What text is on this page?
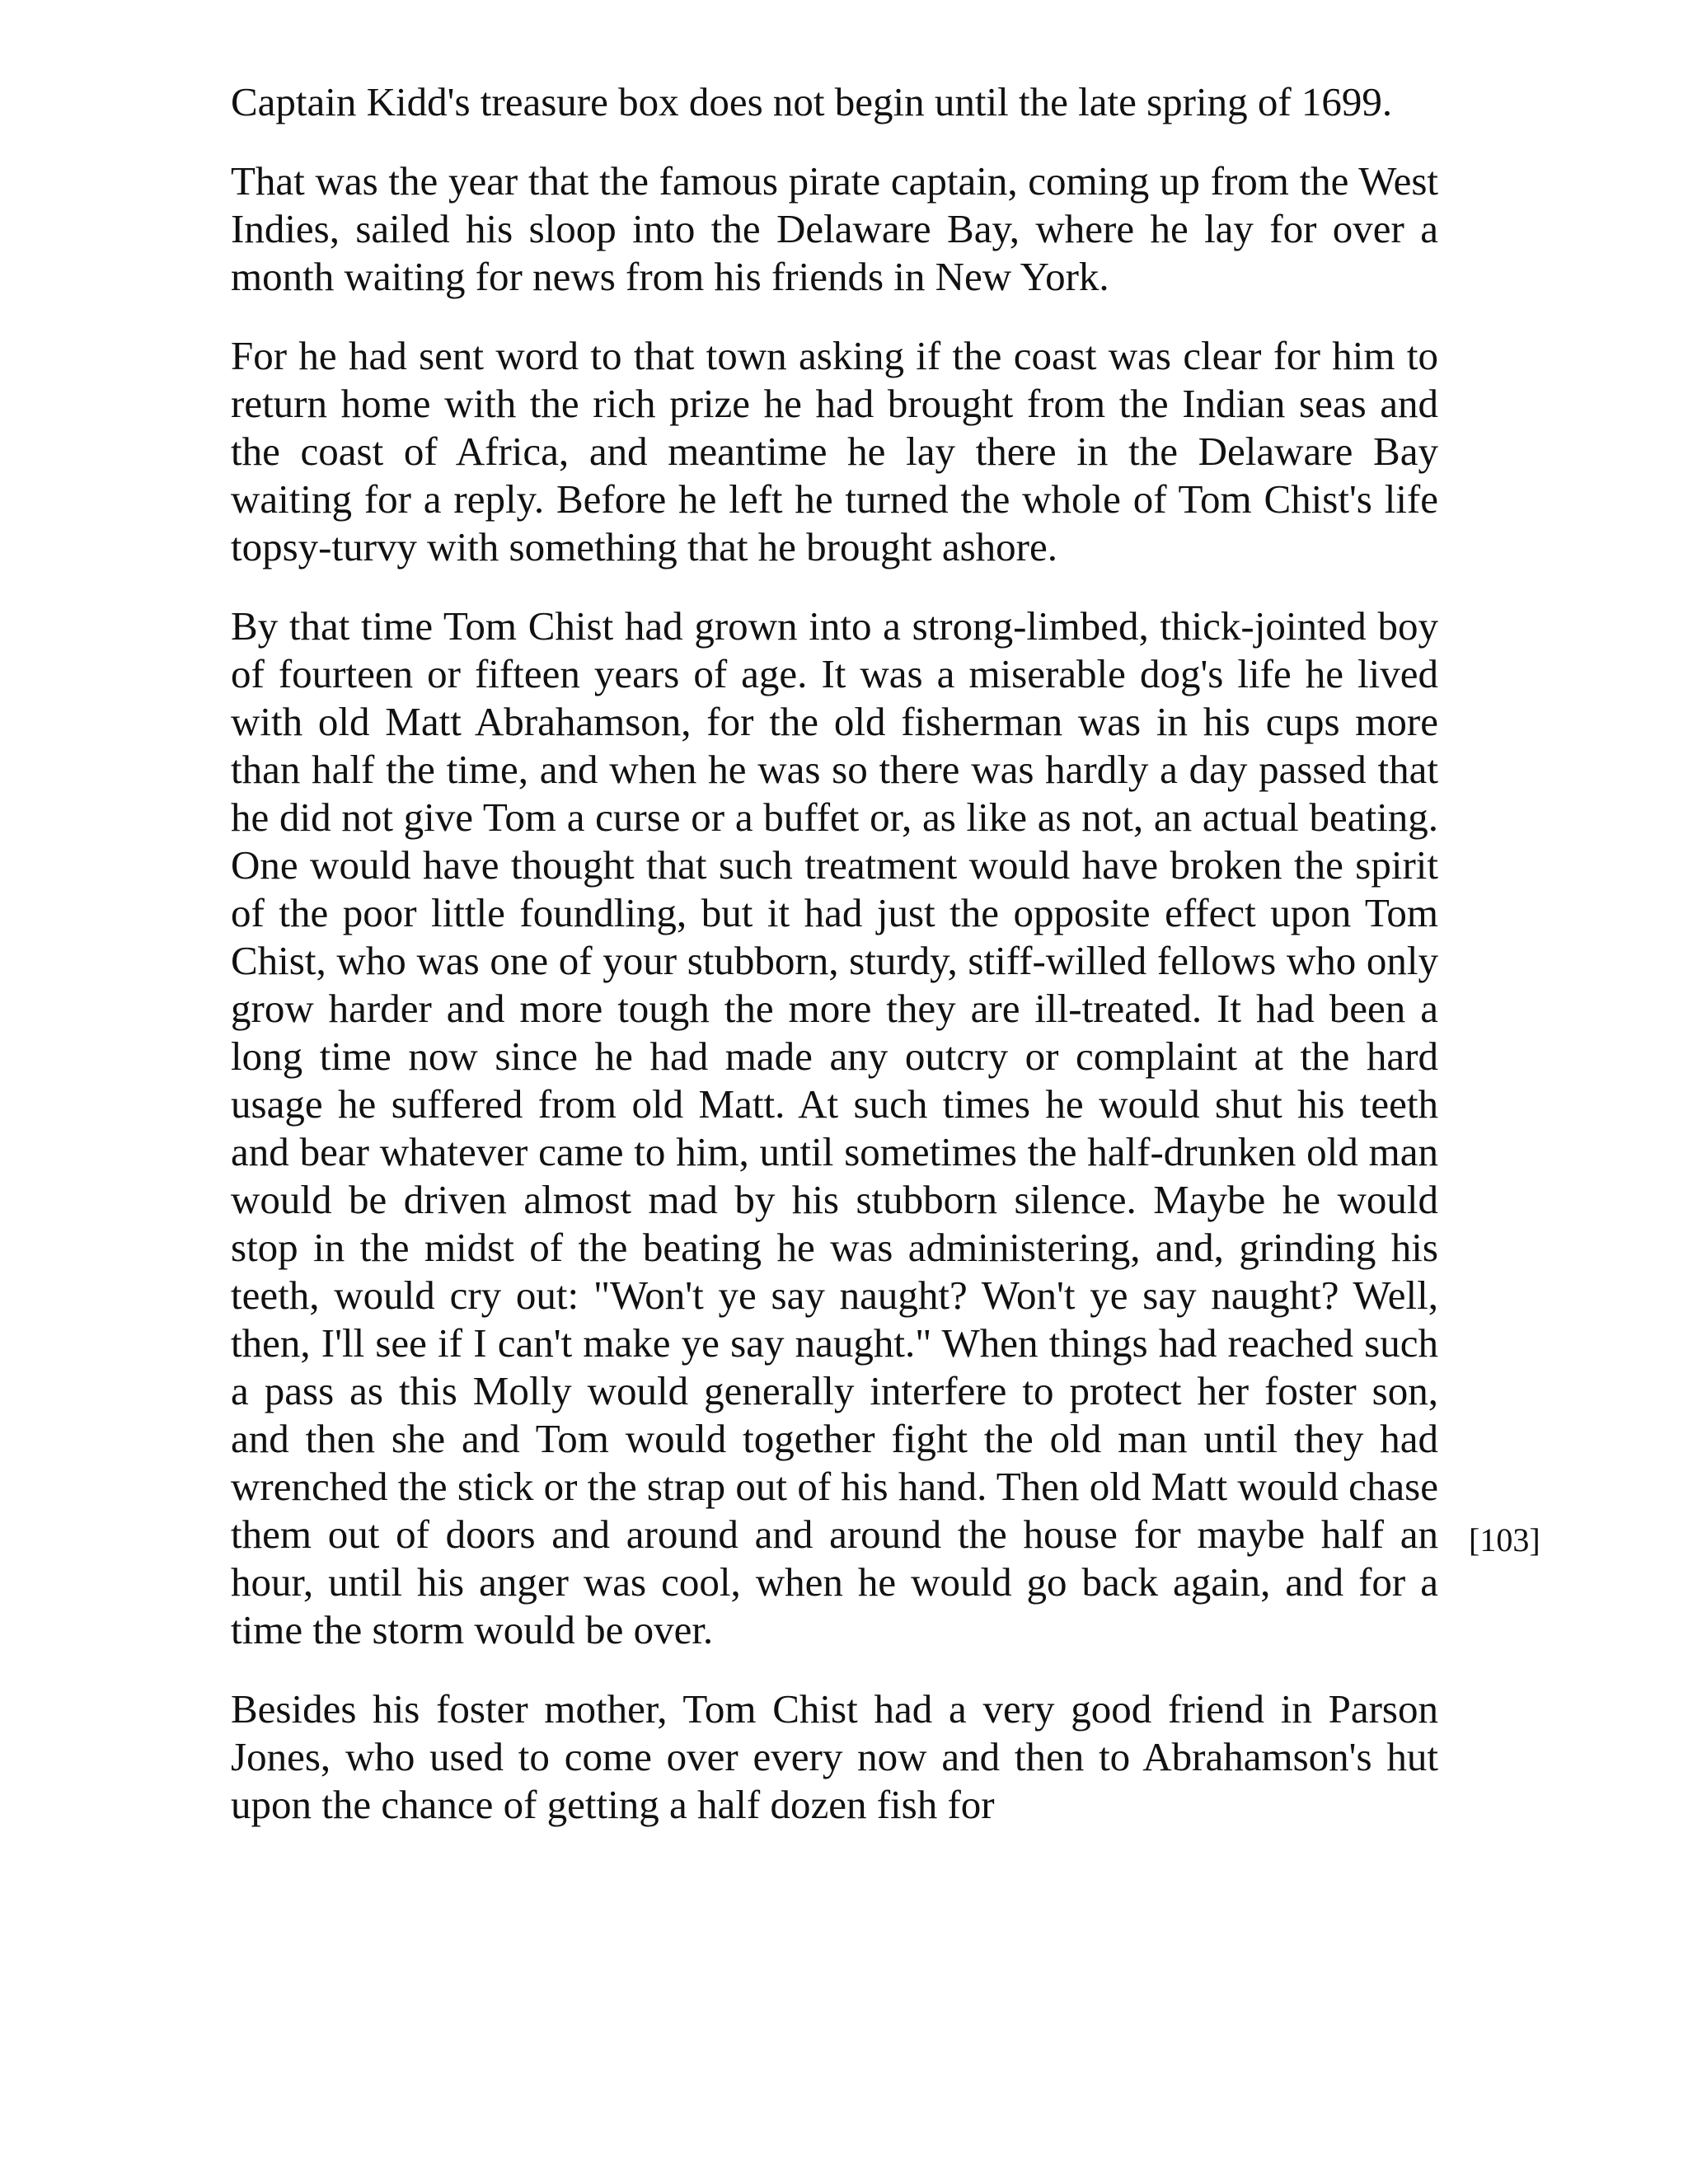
Captain Kidd's treasure box does not begin until the late spring of 1699.

That was the year that the famous pirate captain, coming up from the West Indies, sailed his sloop into the Delaware Bay, where he lay for over a month waiting for news from his friends in New York.

For he had sent word to that town asking if the coast was clear for him to return home with the rich prize he had brought from the Indian seas and the coast of Africa, and meantime he lay there in the Delaware Bay waiting for a reply. Before he left he turned the whole of Tom Chist's life topsy-turvy with something that he brought ashore.

By that time Tom Chist had grown into a strong-limbed, thick-jointed boy of fourteen or fifteen years of age. It was a miserable dog's life he lived with old Matt Abrahamson, for the old fisherman was in his cups more than half the time, and when he was so there was hardly a day passed that he did not give Tom a curse or a buffet or, as like as not, an actual beating. One would have thought that such treatment would have broken the spirit of the poor little foundling, but it had just the opposite effect upon Tom Chist, who was one of your stubborn, sturdy, stiff-willed fellows who only grow harder and more tough the more they are ill-treated. It had been a long time now since he had made any outcry or complaint at the hard usage he suffered from old Matt. At such times he would shut his teeth and bear whatever came to him, until sometimes the half-drunken old man would be driven almost mad by his stubborn silence. Maybe he would stop in the midst of the beating he was administering, and, grinding his teeth, would cry out: "Won't ye say naught? Won't ye say naught? Well, then, I'll see if I can't make ye say naught." When things had reached such a pass as this Molly would generally interfere to protect her foster son, and then she and Tom would together fight the old man until they had wrenched the stick or the strap out of his hand. Then old Matt would chase them out of doors and around and around the house for maybe half an hour, until his anger was cool, when he would go back again, and for a time the storm would be over.

Besides his foster mother, Tom Chist had a very good friend in Parson Jones, who used to come over every now and then to Abrahamson's hut upon the chance of getting a half dozen fish for

[103]
